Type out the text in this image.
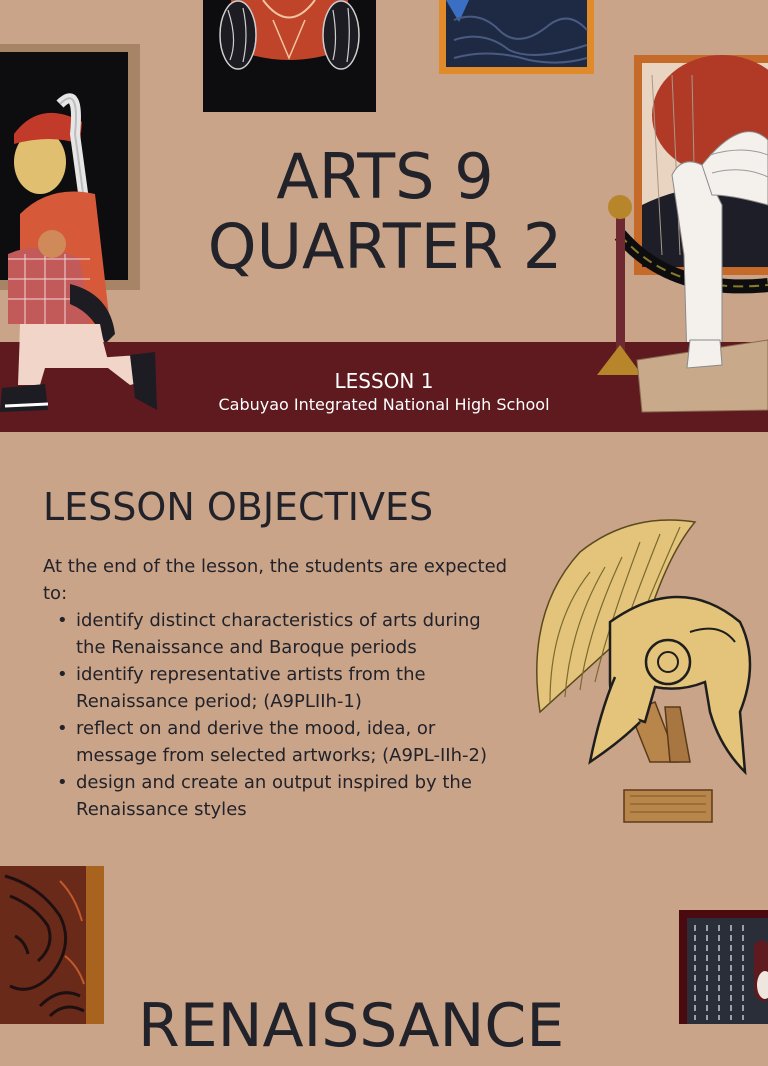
ARTS 9
QUARTER 2
LESSON 1
Cabuyao Integrated National High School
LESSON OBJECTIVES
At the end of the lesson, the students are expected to:
• identify distinct characteristics of arts during the Renaissance and Baroque periods
• identify representative artists from the Renaissance period; (A9PLIIh-1)
• reflect on and derive the mood, idea, or message from selected artworks; (A9PL-IIh-2)
• design and create an output inspired by the Renaissance styles
RENAISSANCE
